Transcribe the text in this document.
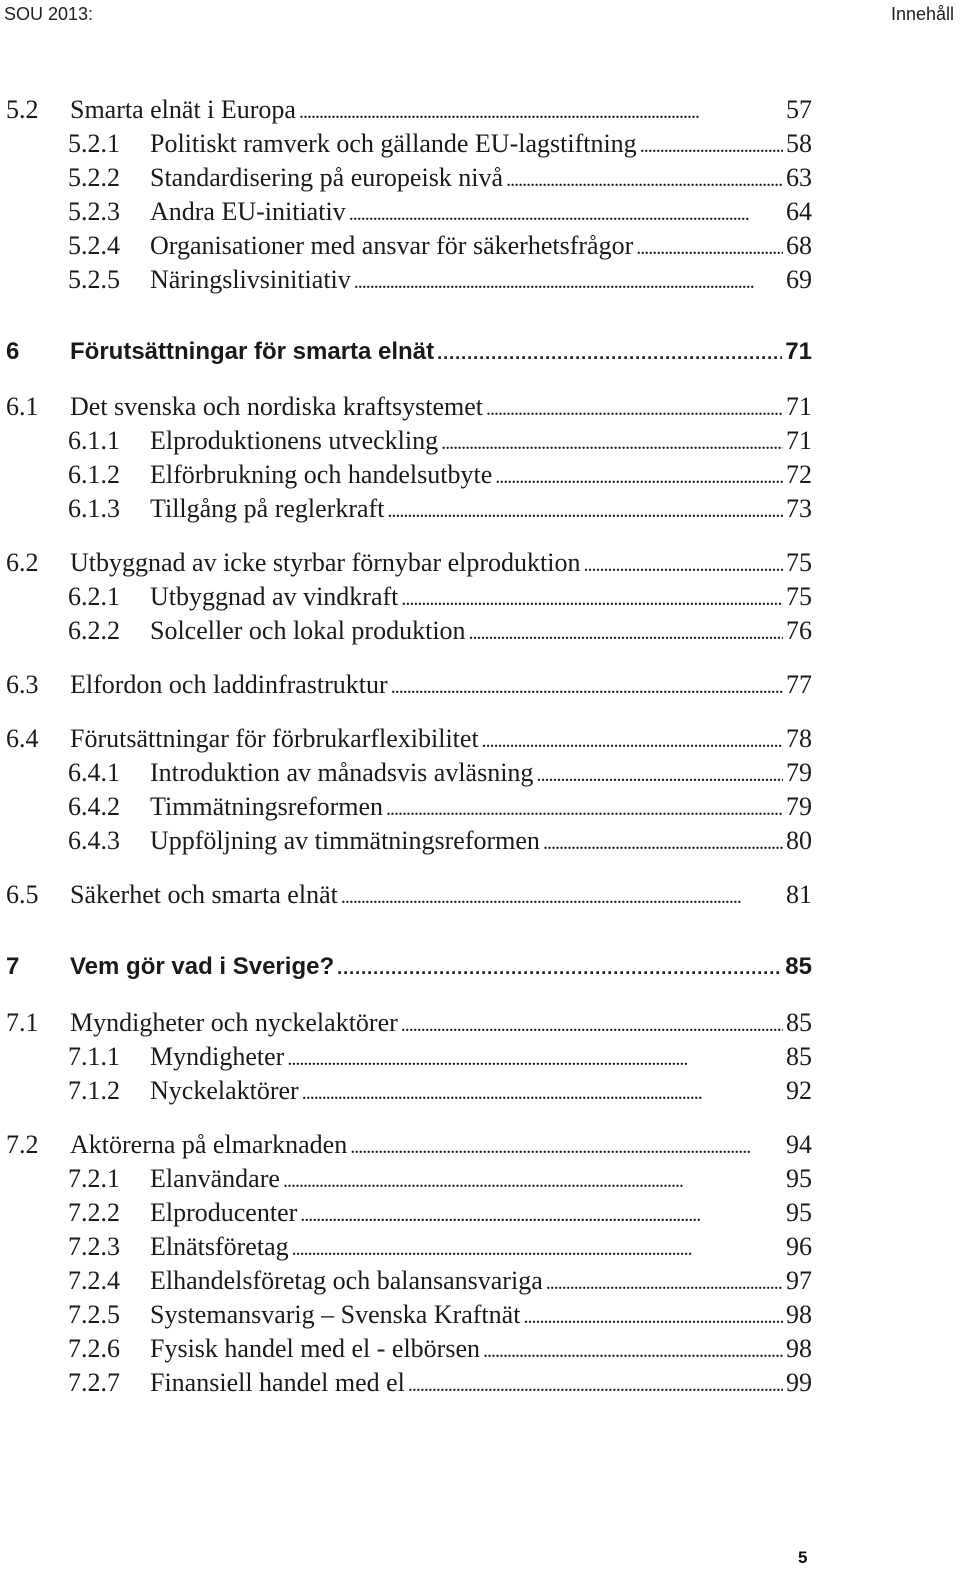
SOU 2013:	Innehåll
5.2 Smarta elnät i Europa . . .	57
5.2.1 Politiskt ramverk och gällande EU-lagstiftning . . .	58
5.2.2 Standardisering på europeisk nivå . . .	63
5.2.3 Andra EU-initiativ . . .	64
5.2.4 Organisationer med ansvar för säkerhetsfrågor . . .	68
5.2.5 Näringslivsinitiativ . . .	69
6 Förutsättningar för smarta elnät . . .	71
6.1 Det svenska och nordiska kraftsystemet . . .	71
6.1.1 Elproduktionens utveckling . . .	71
6.1.2 Elförbrukning och handelsutbyte . . .	72
6.1.3 Tillgång på reglerkraft . . .	73
6.2 Utbyggnad av icke styrbar förnybar elproduktion . . .	75
6.2.1 Utbyggnad av vindkraft . . .	75
6.2.2 Solceller och lokal produktion . . .	76
6.3 Elfordon och laddinfrastruktur . . .	77
6.4 Förutsättningar för förbrukarflexibilitet . . .	78
6.4.1 Introduktion av månadsvis avläsning . . .	79
6.4.2 Timmätningsreformen . . .	79
6.4.3 Uppföljning av timmätningsreformen . . .	80
6.5 Säkerhet och smarta elnät . . .	81
7 Vem gör vad i Sverige? . . .	85
7.1 Myndigheter och nyckelaktörer . . .	85
7.1.1 Myndigheter . . .	85
7.1.2 Nyckelaktörer . . .	92
7.2 Aktörerna på elmarknaden . . .	94
7.2.1 Elanvändare . . .	95
7.2.2 Elproducenter . . .	95
7.2.3 Elnätsföretag . . .	96
7.2.4 Elhandelsföretag och balansansvariga . . .	97
7.2.5 Systemansvarig – Svenska Kraftnät . . .	98
7.2.6 Fysisk handel med el - elbörsen . . .	98
7.2.7 Finansiell handel med el . . .	99
5
